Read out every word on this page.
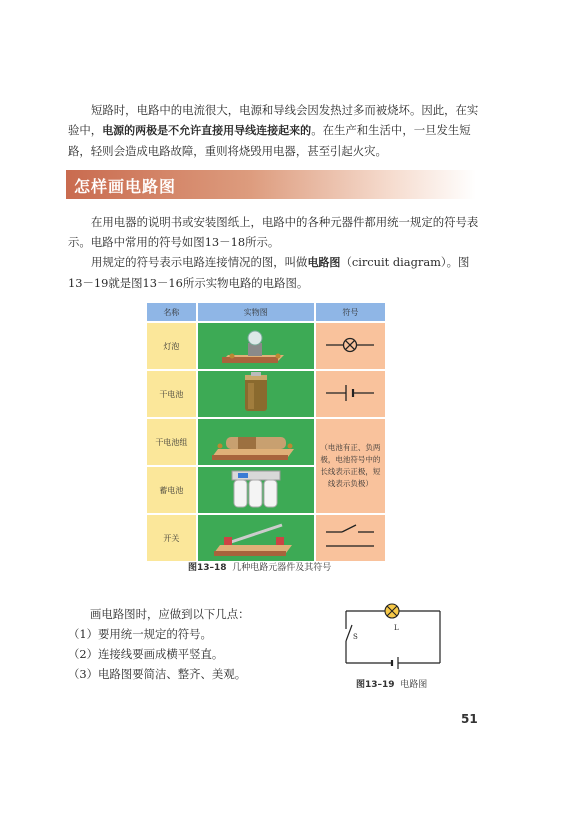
短路时，电路中的电流很大，电源和导线会因发热过多而被烧坏。因此，在实验中，电源的两极是不允许直接用导线连接起来的。在生产和生活中，一旦发生短路，轻则会造成电路故障，重则将烧毁用电器，甚至引起火灾。

怎样画电路图

在用电器的说明书或安装图纸上，电路中的各种元器件都用统一规定的符号表示。电路中常用的符号如图13－18所示。

用规定的符号表示电路连接情况的图，叫做电路图（circuit diagram）。图13－19就是图13－16所示实物电路的电路图。

名称	实物图	符号
灯泡		
干电池		
干电池组		（电池有正、负两极，电池符号中的长线表示正极，短线表示负极）

蓄电池	
开关		
图13–18 几种电路元器件及其符号
画电路图时，应做到以下几点：
（1）要用统一规定的符号。
（2）连接线要画成横平竖直。
（3）电路图要简洁、整齐、美观。
S
L
图13–19 电路图
51
